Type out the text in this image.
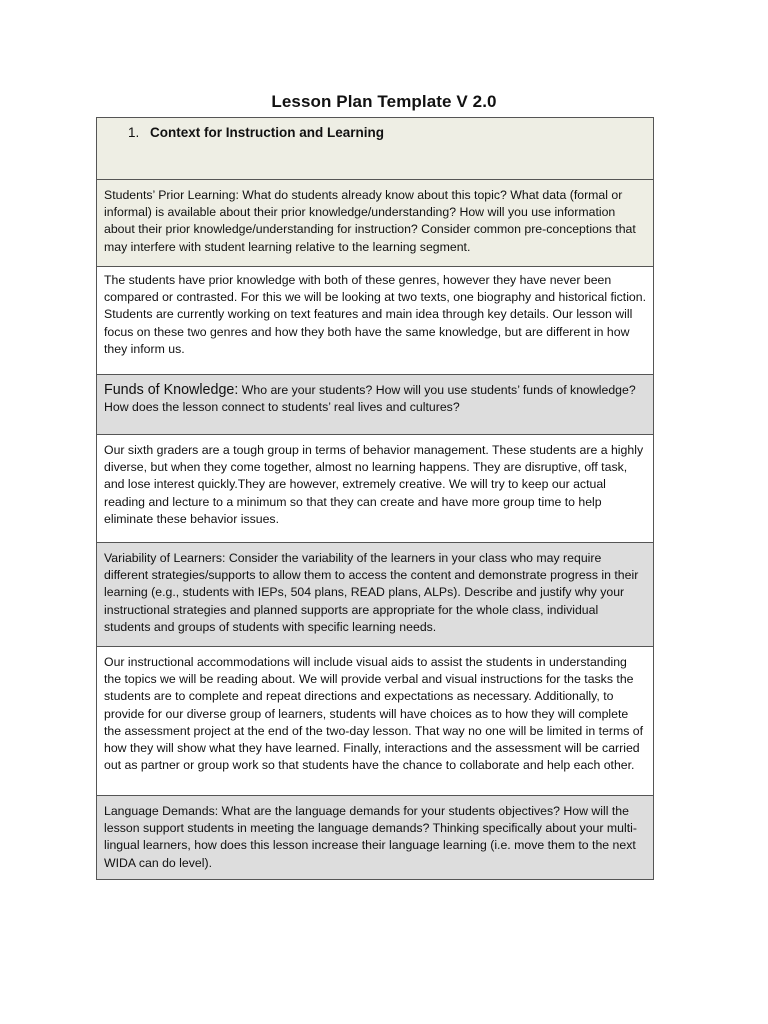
Lesson Plan Template V 2.0
1. Context for Instruction and Learning

Students’ Prior Learning: What do students already know about this topic? What data (formal or informal) is available about their prior knowledge/understanding? How will you use information about their prior knowledge/understanding for instruction? Consider common pre-conceptions that may interfere with student learning relative to the learning segment.
The students have prior knowledge with both of these genres, however they have never been compared or contrasted. For this we will be looking at two texts, one biography and historical fiction. Students are currently working on text features and main idea through key details. Our lesson will focus on these two genres and how they both have the same knowledge, but are different in how they inform us.
Funds of Knowledge: Who are your students? How will you use students’ funds of knowledge? How does the lesson connect to students’ real lives and cultures?
Our sixth graders are a tough group in terms of behavior management. These students are a highly diverse, but when they come together, almost no learning happens. They are disruptive, off task, and lose interest quickly.They are however, extremely creative. We will try to keep our actual reading and lecture to a minimum so that they can create and have more group time to help eliminate these behavior issues.
Variability of Learners: Consider the variability of the learners in your class who may require different strategies/supports to allow them to access the content and demonstrate progress in their learning (e.g., students with IEPs, 504 plans, READ plans, ALPs). Describe and justify why your instructional strategies and planned supports are appropriate for the whole class, individual students and groups of students with specific learning needs.
Our instructional accommodations will include visual aids to assist the students in understanding the topics we will be reading about. We will provide verbal and visual instructions for the tasks the students are to complete and repeat directions and expectations as necessary. Additionally, to provide for our diverse group of learners, students will have choices as to how they will complete the assessment project at the end of the two-day lesson. That way no one will be limited in terms of how they will show what they have learned. Finally, interactions and the assessment will be carried out as partner or group work so that students have the chance to collaborate and help each other.
Language Demands: What are the language demands for your students objectives? How will the lesson support students in meeting the language demands? Thinking specifically about your multi-lingual learners, how does this lesson increase their language learning (i.e. move them to the next WIDA can do level).
